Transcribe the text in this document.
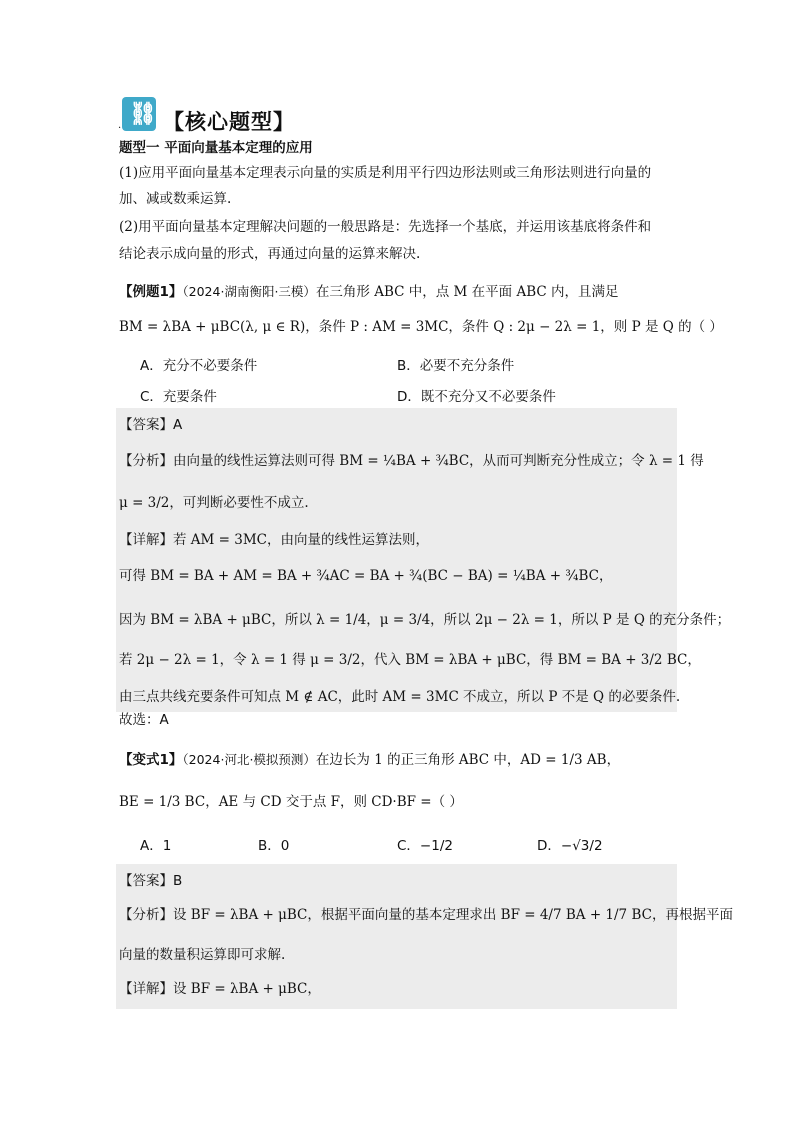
⛓
. 【核心题型】
题型一 平面向量基本定理的应用
(1)应用平面向量基本定理表示向量的实质是利用平行四边形法则或三角形法则进行向量的
加、减或数乘运算.
(2)用平面向量基本定理解决问题的一般思路是：先选择一个基底，并运用该基底将条件和
结论表示成向量的形式，再通过向量的运算来解决.
【例题1】（2024·湖南衡阳·三模）在三角形 ABC 中，点 M 在平面 ABC 内，且满足
BM = λBA + μBC(λ, μ ∈ R)，条件 P : AM = 3MC，条件 Q : 2μ − 2λ = 1，则 P 是 Q 的（ ）
A．充分不必要条件	B．必要不充分条件
C．充要条件	D．既不充分又不必要条件
【答案】A
【分析】由向量的线性运算法则可得 BM = ¼BA + ¾BC，从而可判断充分性成立；令 λ = 1 得
μ = 3/2，可判断必要性不成立.
【详解】若 AM = 3MC，由向量的线性运算法则，
可得 BM = BA + AM = BA + ¾AC = BA + ¾(BC − BA) = ¼BA + ¾BC，
因为 BM = λBA + μBC，所以 λ = 1/4，μ = 3/4，所以 2μ − 2λ = 1，所以 P 是 Q 的充分条件；
若 2μ − 2λ = 1，令 λ = 1 得 μ = 3/2，代入 BM = λBA + μBC，得 BM = BA + 3/2 BC，
由三点共线充要条件可知点 M ∉ AC，此时 AM = 3MC 不成立，所以 P 不是 Q 的必要条件.
故选：A
【变式1】（2024·河北·模拟预测）在边长为 1 的正三角形 ABC 中，AD = 1/3 AB，
BE = 1/3 BC，AE 与 CD 交于点 F，则 CD·BF =（ ）
A．1	B．0	C．−1/2	D．−√3/2
【答案】B
【分析】设 BF = λBA + μBC，根据平面向量的基本定理求出 BF = 4/7 BA + 1/7 BC，再根据平面
向量的数量积运算即可求解.
【详解】设 BF = λBA + μBC，
